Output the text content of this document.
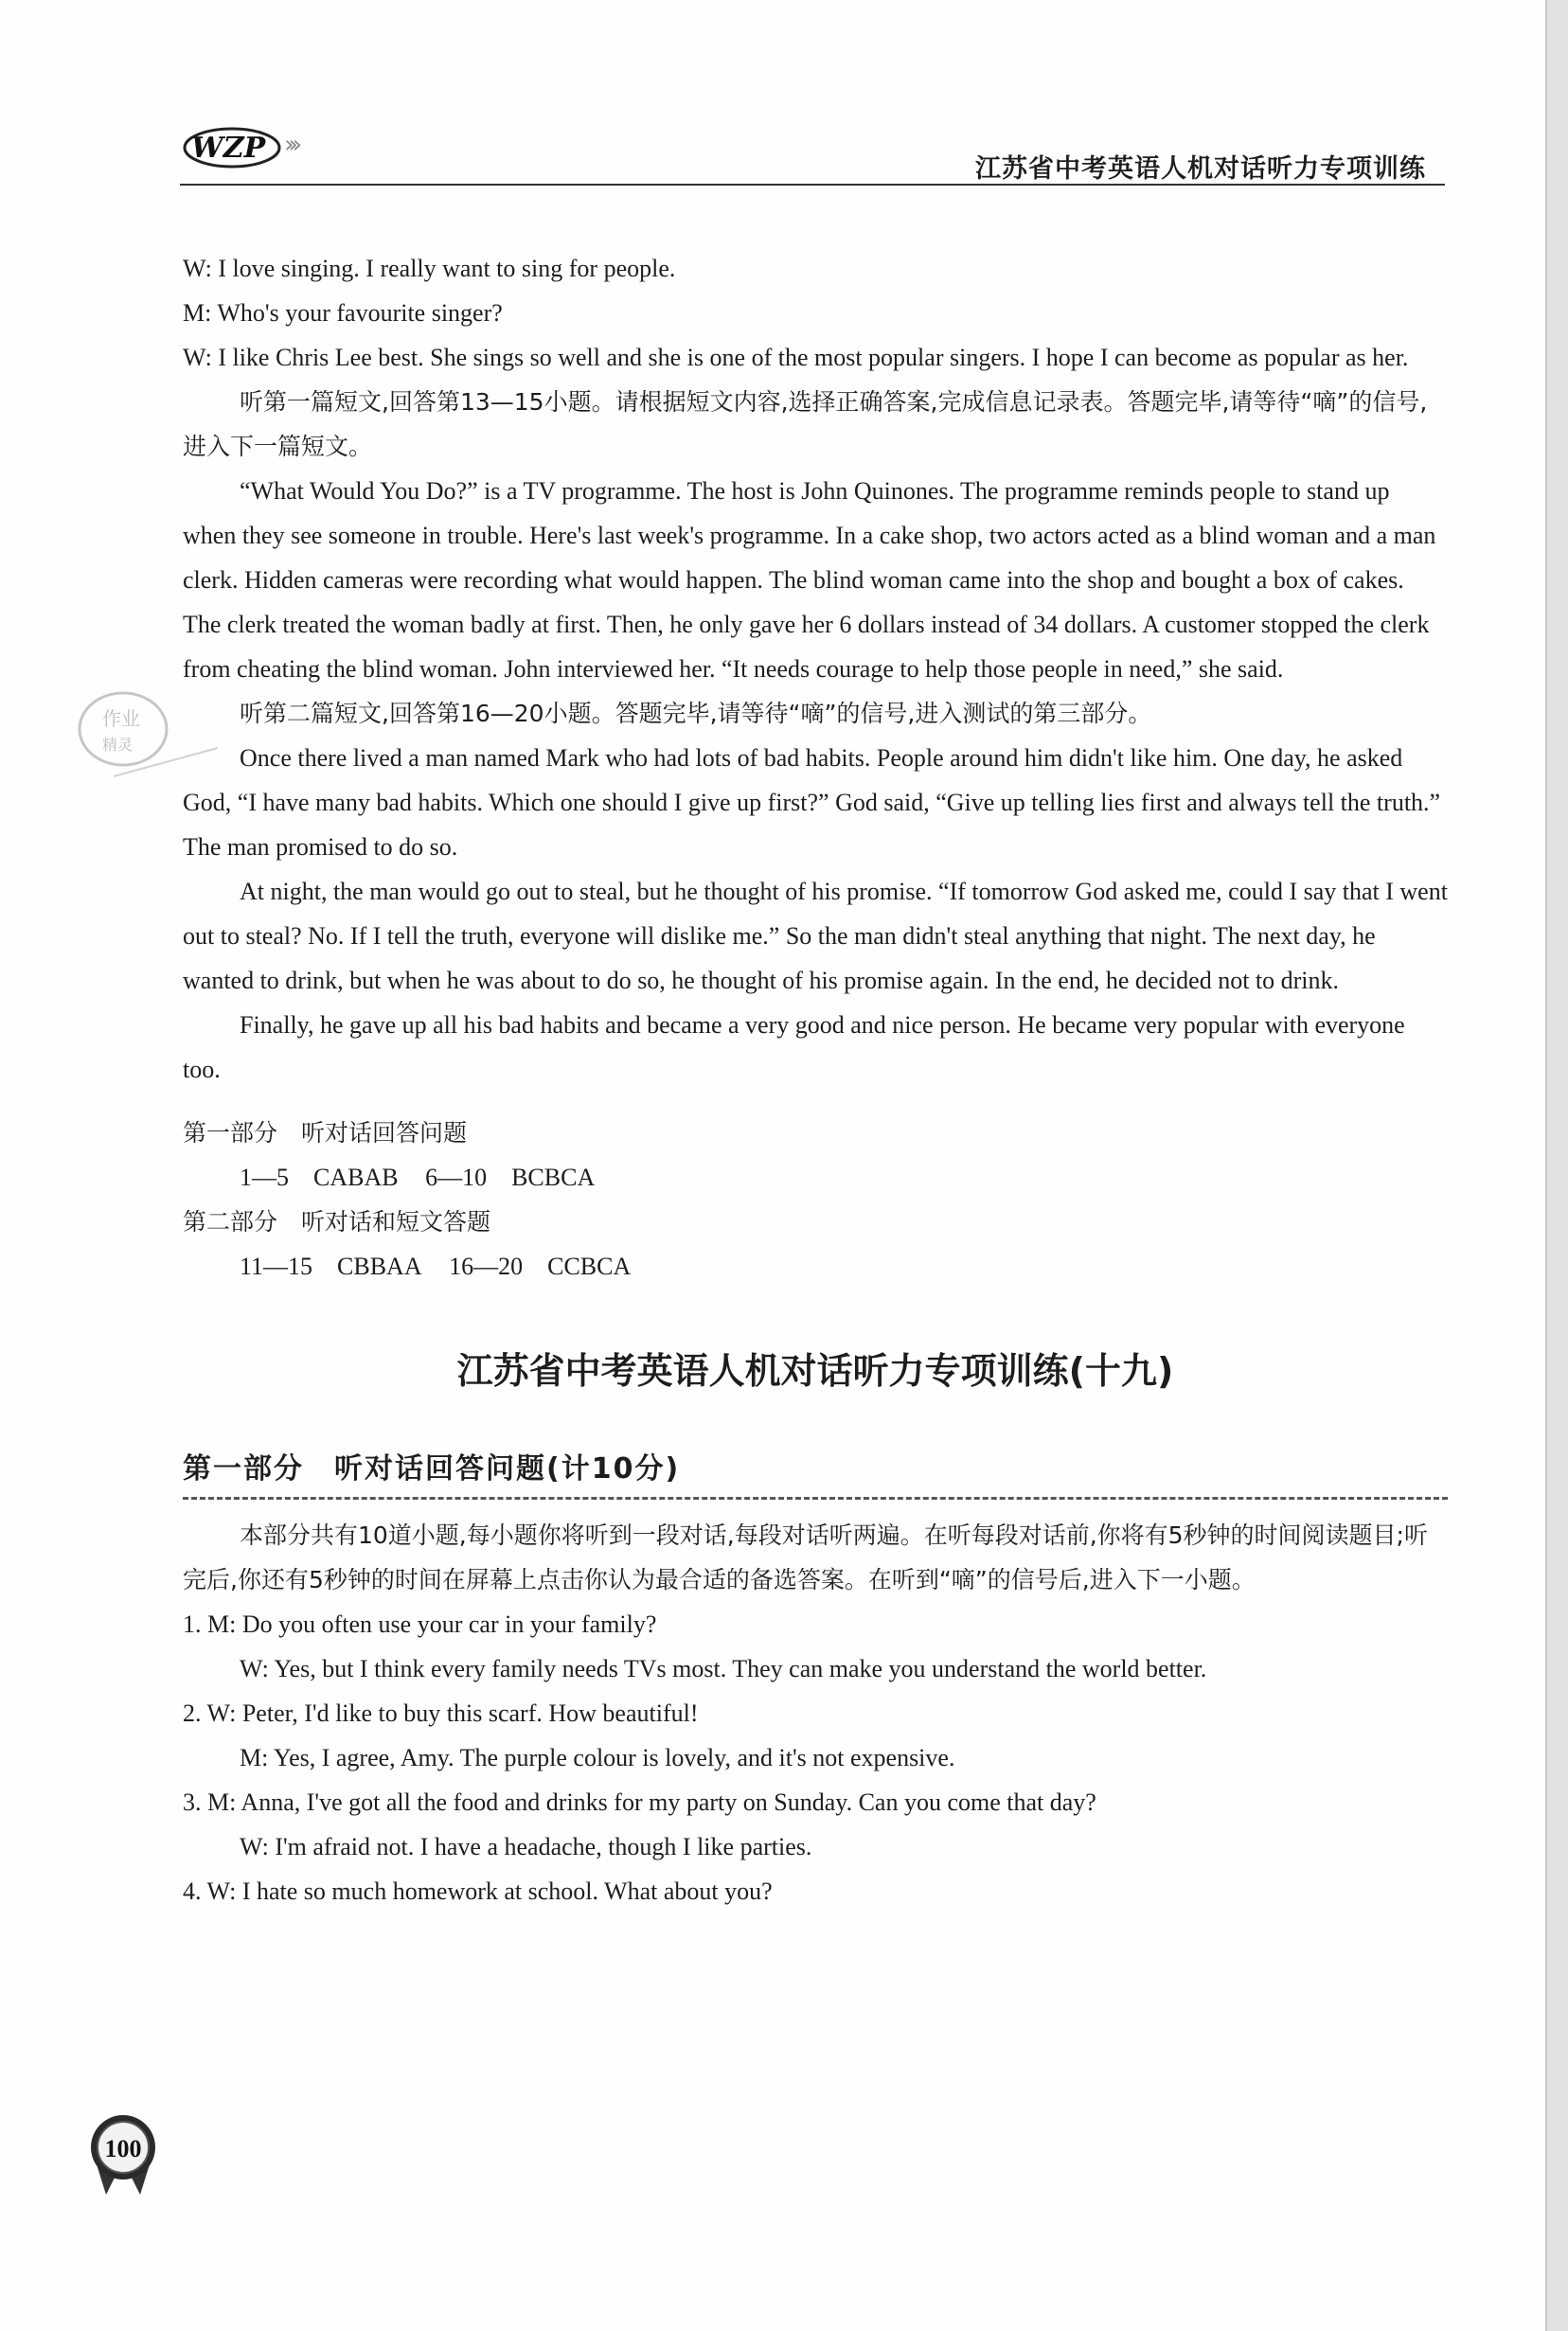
WZP ›››
江苏省中考英语人机对话听力专项训练
作业
精灵

W: I love singing. I really want to sing for people.

M: Who's your favourite singer?

W: I like Chris Lee best. She sings so well and she is one of the most popular singers. I hope I can become as popular as her.

听第一篇短文,回答第13—15小题。请根据短文内容,选择正确答案,完成信息记录表。答题完毕,请等待“嘀”的信号,进入下一篇短文。

“What Would You Do?” is a TV programme. The host is John Quinones. The programme reminds people to stand up when they see someone in trouble. Here's last week's programme. In a cake shop, two actors acted as a blind woman and a man clerk. Hidden cameras were recording what would happen. The blind woman came into the shop and bought a box of cakes. The clerk treated the woman badly at first. Then, he only gave her 6 dollars instead of 34 dollars. A customer stopped the clerk from cheating the blind woman. John interviewed her. “It needs courage to help those people in need,” she said.

听第二篇短文,回答第16—20小题。答题完毕,请等待“嘀”的信号,进入测试的第三部分。

Once there lived a man named Mark who had lots of bad habits. People around him didn't like him. One day, he asked God, “I have many bad habits. Which one should I give up first?” God said, “Give up telling lies first and always tell the truth.” The man promised to do so.

At night, the man would go out to steal, but he thought of his promise. “If tomorrow God asked me, could I say that I went out to steal? No. If I tell the truth, everyone will dislike me.” So the man didn't steal anything that night. The next day, he wanted to drink, but when he was about to do so, he thought of his promise again. In the end, he decided not to drink.

Finally, he gave up all his bad habits and became a very good and nice person. He became very popular with everyone too.

第一部分　听对话回答问题

1—5　CABAB 6—10　BCBCA

第二部分　听对话和短文答题

11—15　CBBAA 16—20　CCBCA

江苏省中考英语人机对话听力专项训练(十九)
第一部分　听对话回答问题(计10分)

本部分共有10道小题,每小题你将听到一段对话,每段对话听两遍。在听每段对话前,你将有5秒钟的时间阅读题目;听完后,你还有5秒钟的时间在屏幕上点击你认为最合适的备选答案。在听到“嘀”的信号后,进入下一小题。

1. M: Do you often use your car in your family?

W: Yes, but I think every family needs TVs most. They can make you understand the world better.

2. W: Peter, I'd like to buy this scarf. How beautiful!

M: Yes, I agree, Amy. The purple colour is lovely, and it's not expensive.

3. M: Anna, I've got all the food and drinks for my party on Sunday. Can you come that day?

W: I'm afraid not. I have a headache, though I like parties.

4. W: I hate so much homework at school. What about you?

100
